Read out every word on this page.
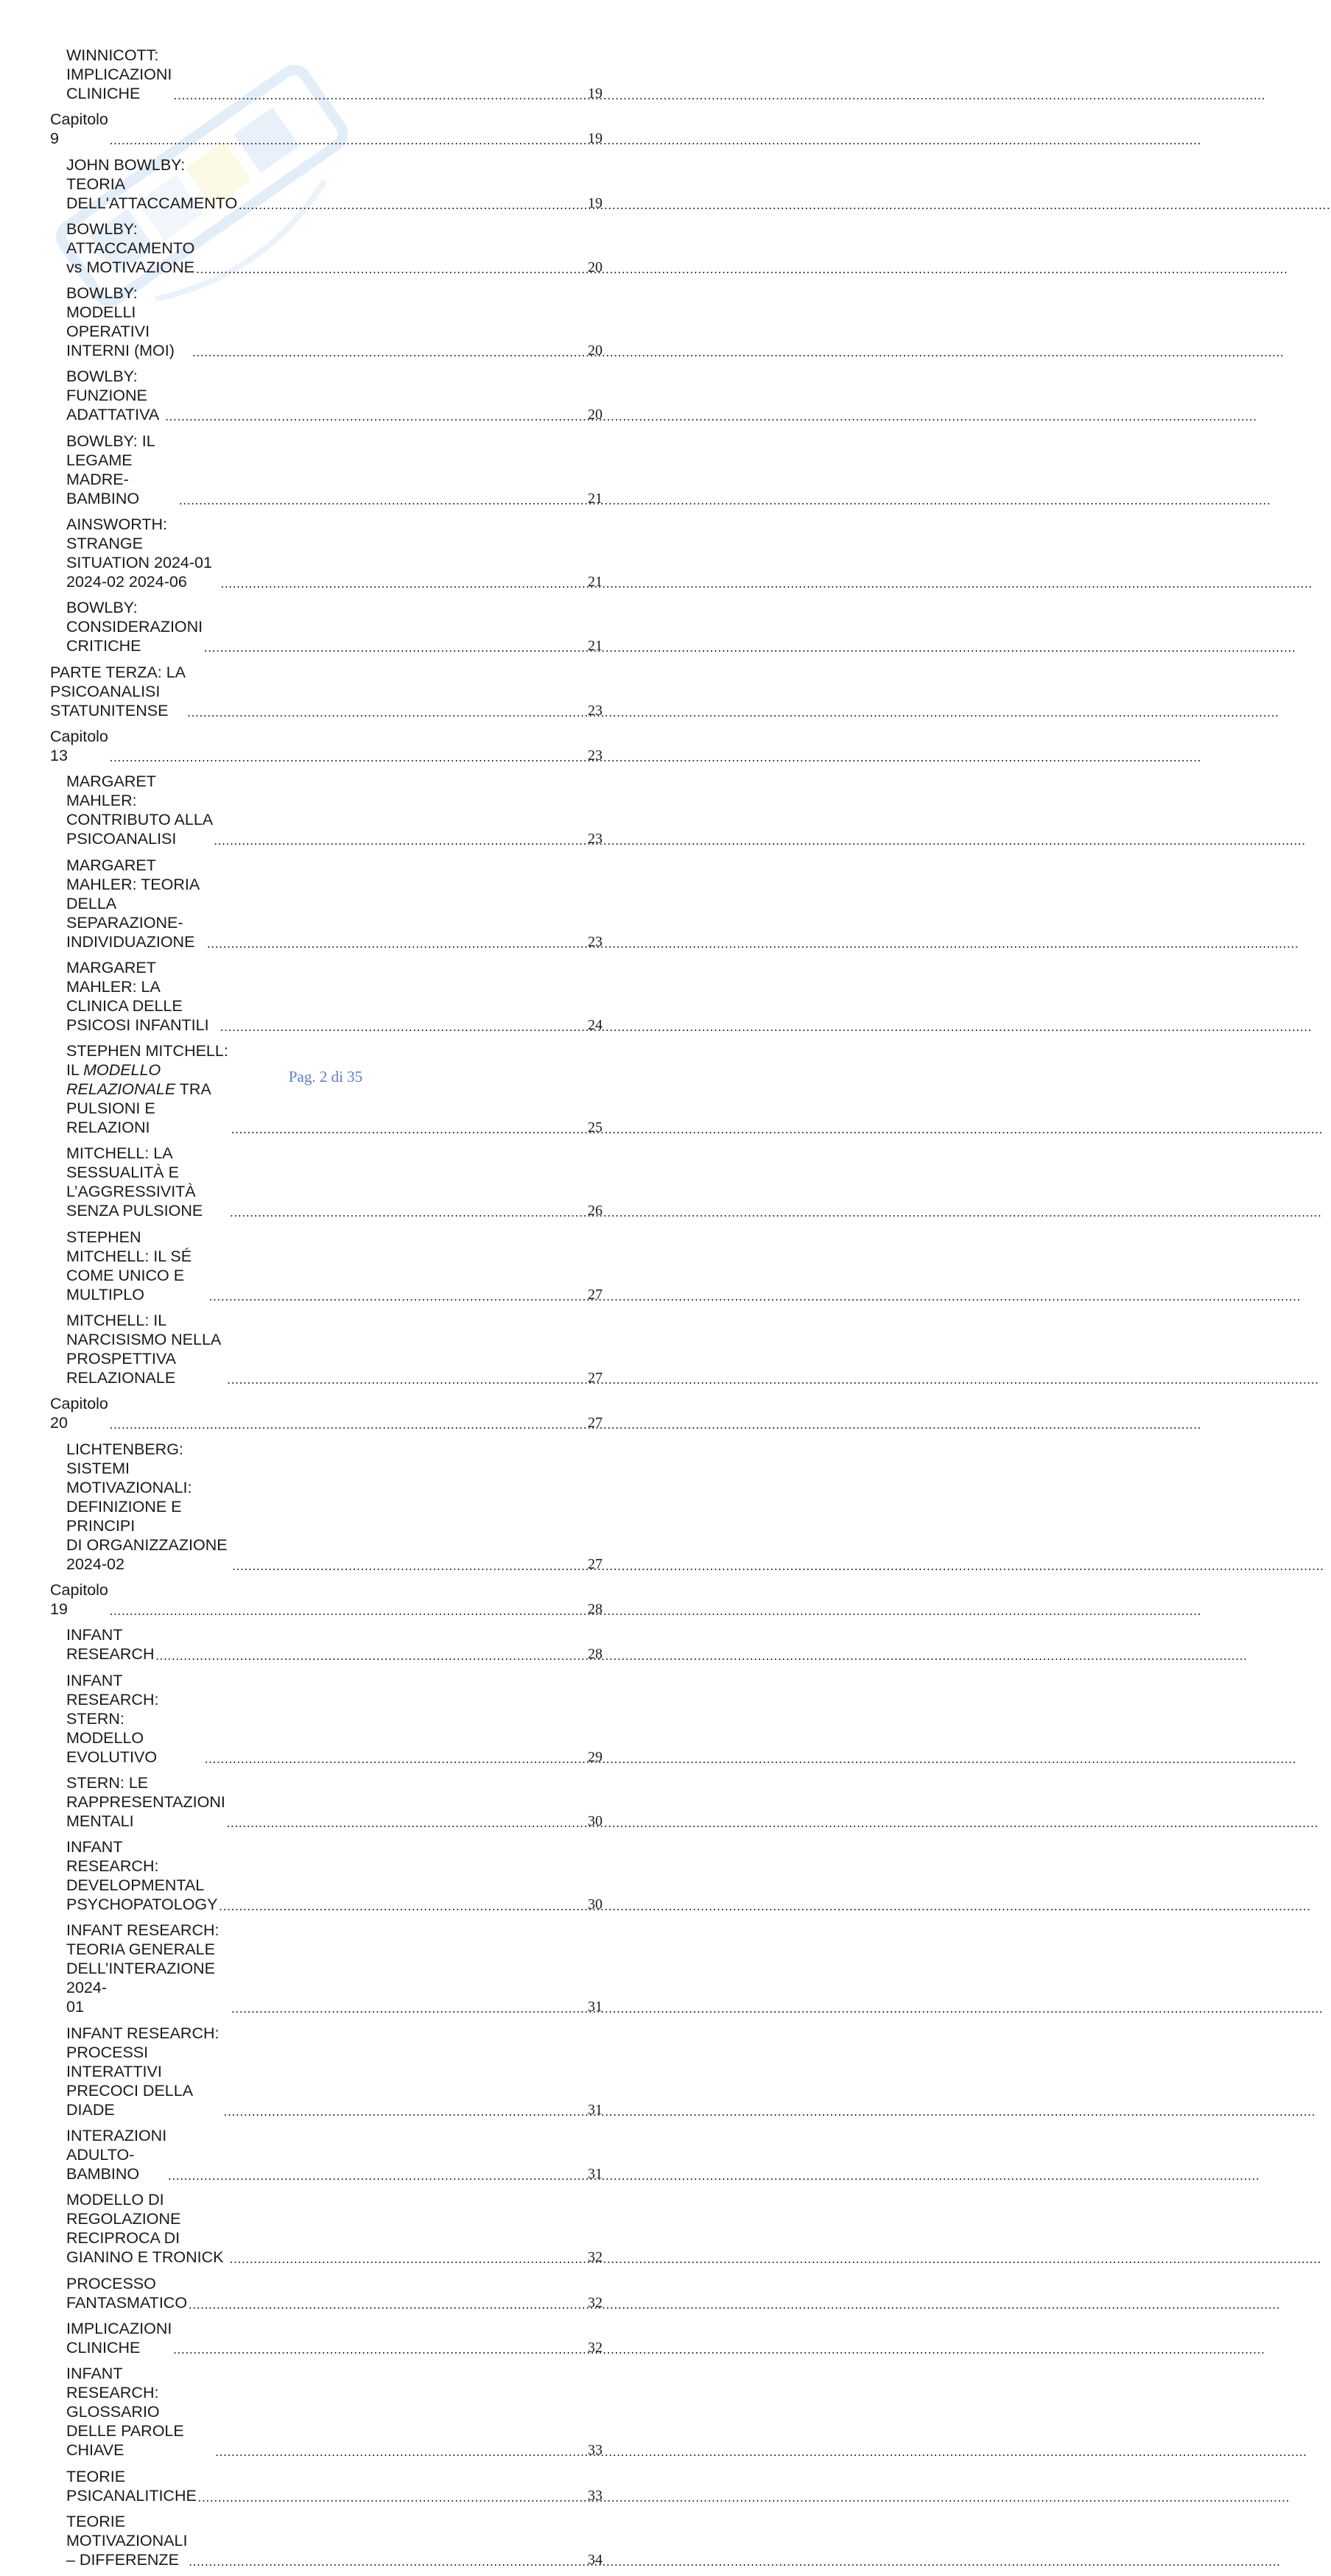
WINNICOTT: IMPLICAZIONI CLINICHE .....	19
Capitolo 9 .....	19
JOHN BOWLBY: TEORIA DELL'ATTACCAMENTO .....	19
BOWLBY: ATTACCAMENTO vs MOTIVAZIONE .....	20
BOWLBY: MODELLI OPERATIVI INTERNI (MOI) .....	20
BOWLBY: FUNZIONE ADATTATIVA .....	20
BOWLBY: IL LEGAME MADRE-BAMBINO .....	21
AINSWORTH: STRANGE SITUATION 2024-01 2024-02 2024-06 .....	21
BOWLBY: CONSIDERAZIONI CRITICHE .....	21
PARTE TERZA: LA PSICOANALISI STATUNITENSE .....	23
Capitolo 13 .....	23
MARGARET MAHLER: CONTRIBUTO ALLA PSICOANALISI .....	23
MARGARET MAHLER: TEORIA DELLA SEPARAZIONE-
INDIVIDUAZIONE .....	23
MARGARET MAHLER: LA CLINICA DELLE PSICOSI INFANTILI .....	24
STEPHEN MITCHELL: IL MODELLO RELAZIONALE TRA PULSIONI E
RELAZIONI .....	25
MITCHELL: LA SESSUALITÀ E L’AGGRESSIVITÀ SENZA PULSIONE .....	26
STEPHEN MITCHELL: IL SÉ COME UNICO E MULTIPLO .....	27
MITCHELL: IL NARCISISMO NELLA PROSPETTIVA RELAZIONALE .....	27
Capitolo 20 .....	27
LICHTENBERG: SISTEMI MOTIVAZIONALI: DEFINIZIONE E PRINCIPI
DI ORGANIZZAZIONE 2024-02 .....	27
Capitolo 19 .....	28
INFANT RESEARCH .....	28
INFANT RESEARCH: STERN: MODELLO EVOLUTIVO .....	29
STERN: LE RAPPRESENTAZIONI MENTALI .....	30
INFANT RESEARCH: DEVELOPMENTAL PSYCHOPATOLOGY .....	30
INFANT RESEARCH: TEORIA GENERALE DELL’INTERAZIONE 2024-
01 .....	31
INFANT RESEARCH: PROCESSI INTERATTIVI PRECOCI DELLA
DIADE .....	31
INTERAZIONI ADULTO-BAMBINO .....	31
MODELLO DI REGOLAZIONE RECIPROCA DI GIANINO E TRONICK .....	32
PROCESSO FANTASMATICO .....	32
IMPLICAZIONI CLINICHE .....	32
INFANT RESEARCH: GLOSSARIO DELLE PAROLE CHIAVE .....	33
TEORIE PSICANALITICHE .....	33
TEORIE MOTIVAZIONALI – DIFFERENZE .....	34
Pag. 2 di 35
